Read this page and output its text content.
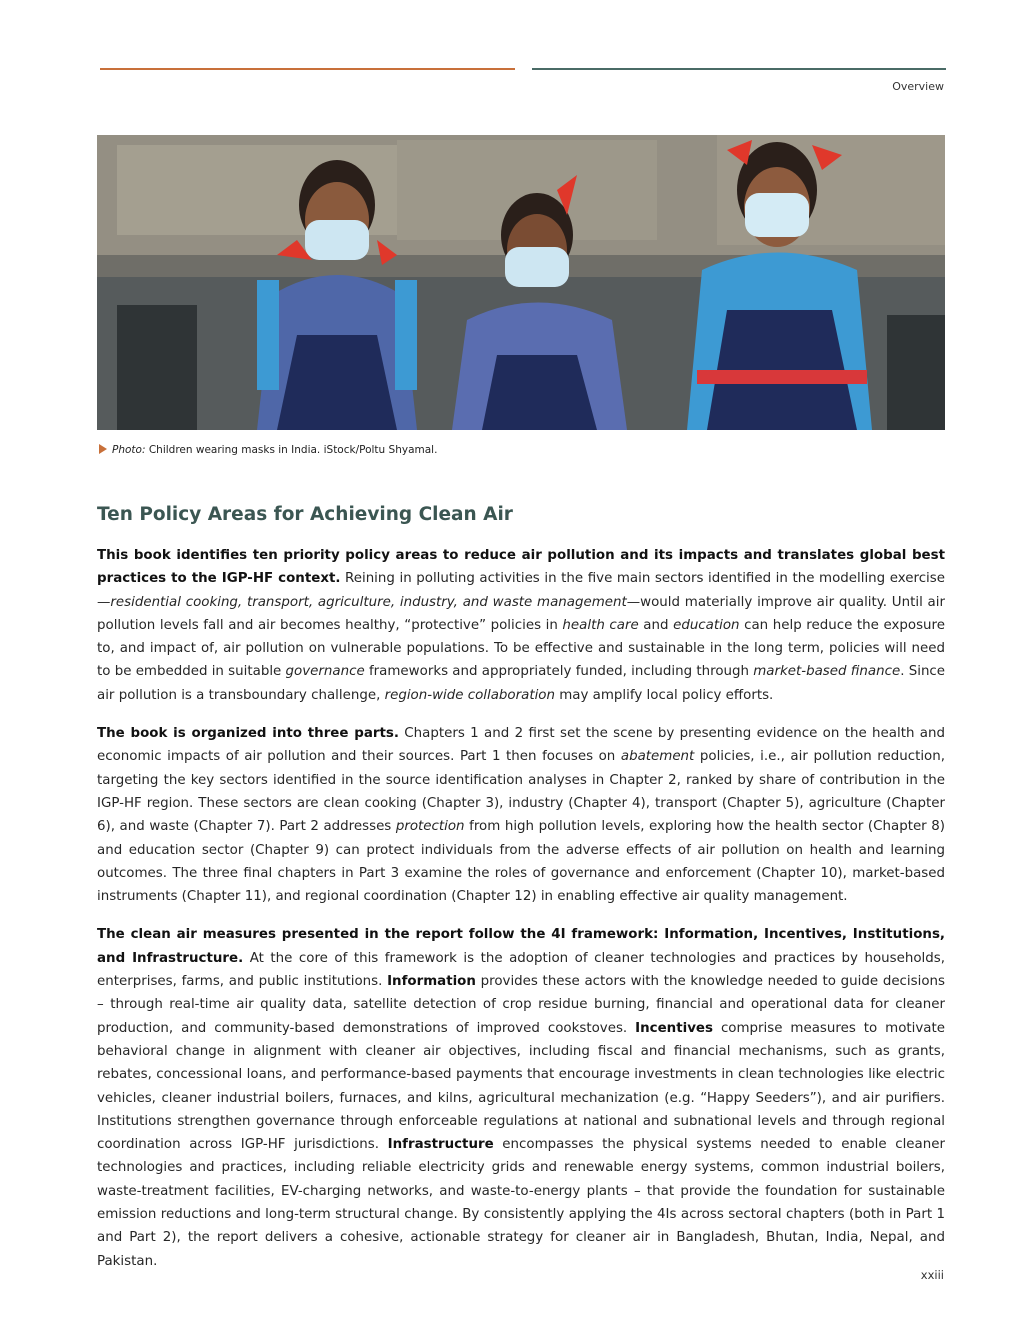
Overview
Photo: Children wearing masks in India. iStock/Poltu Shyamal.
Ten Policy Areas for Achieving Clean Air

This book identifies ten priority policy areas to reduce air pollution and its impacts and translates global best practices to the IGP-HF context. Reining in polluting activities in the five main sectors identified in the modelling exercise—residential cooking, transport, agriculture, industry, and waste management—would materially improve air quality. Until air pollution levels fall and air becomes healthy, “protective” policies in health care and education can help reduce the exposure to, and impact of, air pollution on vulnerable populations. To be effective and sustainable in the long term, policies will need to be embedded in suitable governance frameworks and appropriately funded, including through market-based finance. Since air pollution is a transboundary challenge, region-wide collaboration may amplify local policy efforts.

The book is organized into three parts. Chapters 1 and 2 first set the scene by presenting evidence on the health and economic impacts of air pollution and their sources. Part 1 then focuses on abatement policies, i.e., air pollution reduction, targeting the key sectors identified in the source identification analyses in Chapter 2, ranked by share of contribution in the IGP-HF region. These sectors are clean cooking (Chapter 3), industry (Chapter 4), transport (Chapter 5), agriculture (Chapter 6), and waste (Chapter 7). Part 2 addresses protection from high pollution levels, exploring how the health sector (Chapter 8) and education sector (Chapter 9) can protect individuals from the adverse effects of air pollution on health and learning outcomes. The three final chapters in Part 3 examine the roles of governance and enforcement (Chapter 10), market-based instruments (Chapter 11), and regional coordination (Chapter 12) in enabling effective air quality management.

The clean air measures presented in the report follow the 4I framework: Information, Incentives, Institutions, and Infrastructure. At the core of this framework is the adoption of cleaner technologies and practices by households, enterprises, farms, and public institutions. Information provides these actors with the knowledge needed to guide decisions – through real-time air quality data, satellite detection of crop residue burning, financial and operational data for cleaner production, and community-based demonstrations of improved cookstoves. Incentives comprise measures to motivate behavioral change in alignment with cleaner air objectives, including fiscal and financial mechanisms, such as grants, rebates, concessional loans, and performance-based payments that encourage investments in clean technologies like electric vehicles, cleaner industrial boilers, furnaces, and kilns, agricultural mechanization (e.g. “Happy Seeders”), and air purifiers. Institutions strengthen governance through enforceable regulations at national and subnational levels and through regional coordination across IGP-HF jurisdictions. Infrastructure encompasses the physical systems needed to enable cleaner technologies and practices, including reliable electricity grids and renewable energy systems, common industrial boilers, waste-treatment facilities, EV-charging networks, and waste-to-energy plants – that provide the foundation for sustainable emission reductions and long-term structural change. By consistently applying the 4Is across sectoral chapters (both in Part 1 and Part 2), the report delivers a cohesive, actionable strategy for cleaner air in Bangladesh, Bhutan, India, Nepal, and Pakistan.

xxiii
